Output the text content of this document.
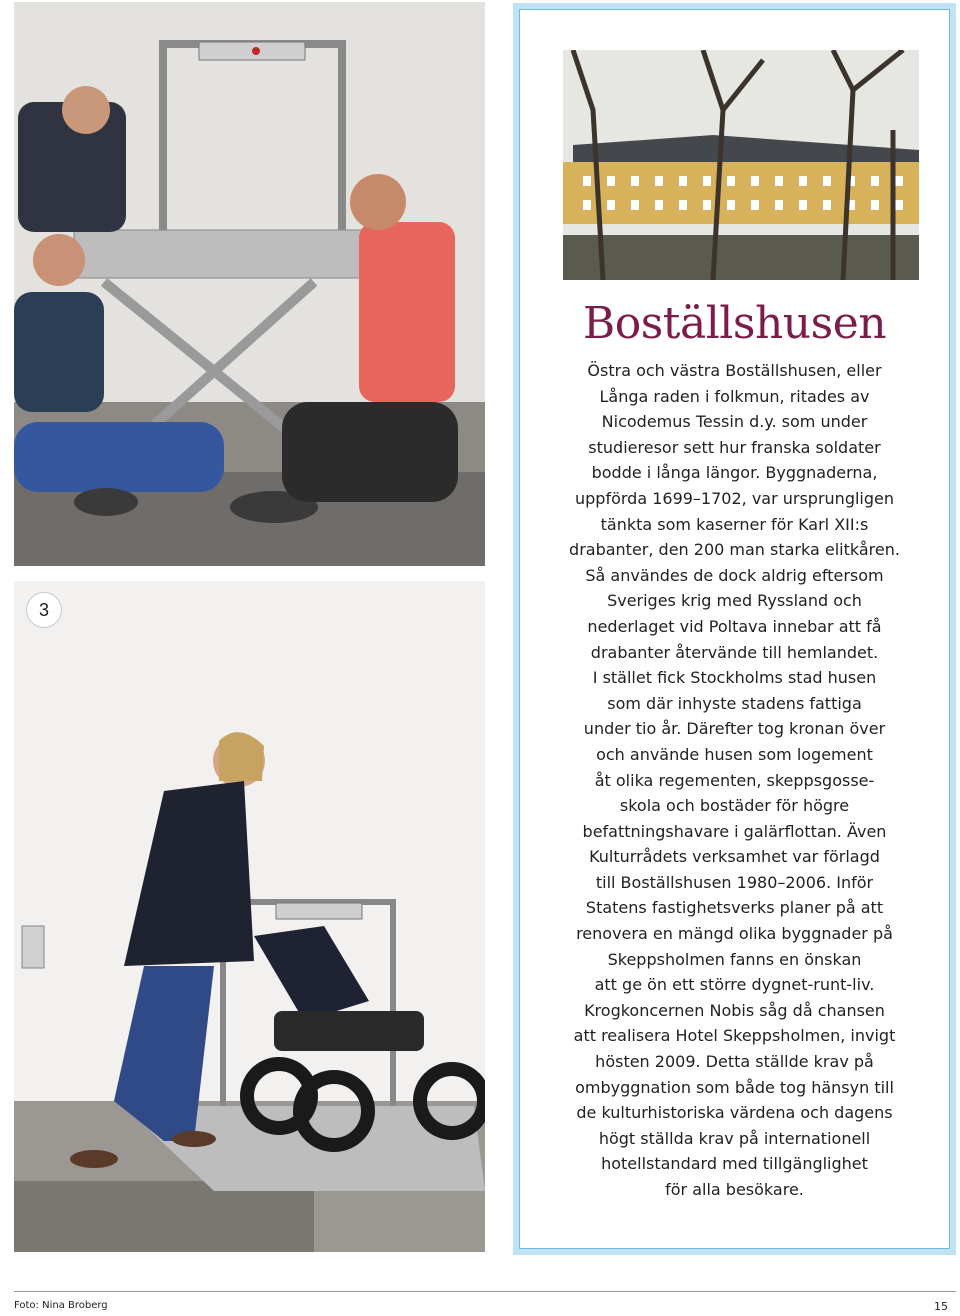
3
Boställshusen

Östra och västra Boställshusen, eller
Långa raden i folkmun, ritades av
Nicodemus Tessin d.y. som under
studieresor sett hur franska soldater
bodde i långa längor. Byggnaderna,
uppförda 1699–1702, var ursprungligen
tänkta som kaserner för Karl XII:s
drabanter, den 200 man starka elitkåren.
Så användes de dock aldrig eftersom
Sveriges krig med Ryssland och
nederlaget vid Poltava innebar att få
drabanter återvände till hemlandet.
I stället fick Stockholms stad husen
som där inhyste stadens fattiga
under tio år. Därefter tog kronan över
och använde husen som logement
åt olika regementen, skeppsgosse-
skola och bostäder för högre
befattningshavare i galärflottan. Även
Kulturrådets verksamhet var förlagd
till Boställshusen 1980–2006. Inför
Statens fastighetsverks planer på att
renovera en mängd olika byggnader på
Skeppsholmen fanns en önskan
att ge ön ett större dygnet-runt-liv.
Krogkoncernen Nobis såg då chansen
att realisera Hotel Skeppsholmen, invigt
hösten 2009. Detta ställde krav på
ombyggnation som både tog hänsyn till
de kulturhistoriska värdena och dagens
högt ställda krav på internationell
hotellstandard med tillgänglighet
för alla besökare.

Foto: Nina Broberg	15
